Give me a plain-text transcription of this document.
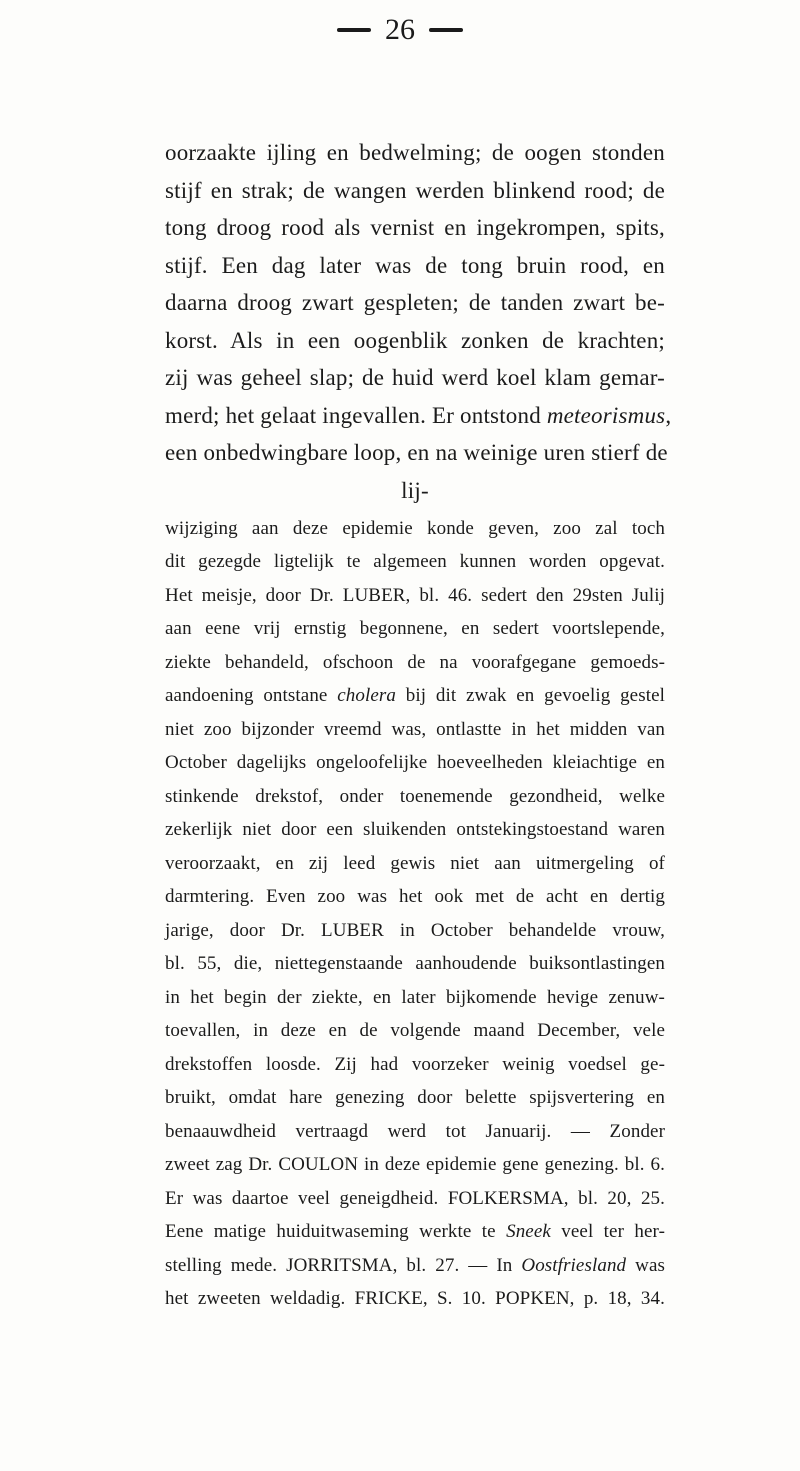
26
oorzaakte ijling en bedwelming; de oogen stonden
stijf en strak; de wangen werden blinkend rood; de
tong droog rood als vernist en ingekrompen, spits,
stijf. Een dag later was de tong bruin rood, en
daarna droog zwart gespleten; de tanden zwart be-
korst. Als in een oogenblik zonken de krachten;
zij was geheel slap; de huid werd koel klam gemar-
merd; het gelaat ingevallen. Er ontstond meteorismus,
een onbedwingbare loop, en na weinige uren stierf de
lij-
wijziging aan deze epidemie konde geven, zoo zal toch
dit gezegde ligtelijk te algemeen kunnen worden opgevat.
Het meisje, door Dr. LUBER, bl. 46. sedert den 29sten Julij
aan eene vrij ernstig begonnene, en sedert voortslepende,
ziekte behandeld, ofschoon de na voorafgegane gemoeds-
aandoening ontstane cholera bij dit zwak en gevoelig gestel
niet zoo bijzonder vreemd was, ontlastte in het midden van
October dagelijks ongeloofelijke hoeveelheden kleiachtige en
stinkende drekstof, onder toenemende gezondheid, welke
zekerlijk niet door een sluikenden ontstekingstoestand waren
veroorzaakt, en zij leed gewis niet aan uitmergeling of
darmtering. Even zoo was het ook met de acht en dertig
jarige, door Dr. LUBER in October behandelde vrouw,
bl. 55, die, niettegenstaande aanhoudende buiksontlastingen
in het begin der ziekte, en later bijkomende hevige zenuw-
toevallen, in deze en de volgende maand December, vele
drekstoffen loosde. Zij had voorzeker weinig voedsel ge-
bruikt, omdat hare genezing door belette spijsvertering en
benaauwdheid vertraagd werd tot Januarij. — Zonder
zweet zag Dr. COULON in deze epidemie gene genezing. bl. 6.
Er was daartoe veel geneigdheid. FOLKERSMA, bl. 20, 25.
Eene matige huiduitwaseming werkte te Sneek veel ter her-
stelling mede. JORRITSMA, bl. 27. — In Oostfriesland was
het zweeten weldadig. FRICKE, S. 10. POPKEN, p. 18, 34.
